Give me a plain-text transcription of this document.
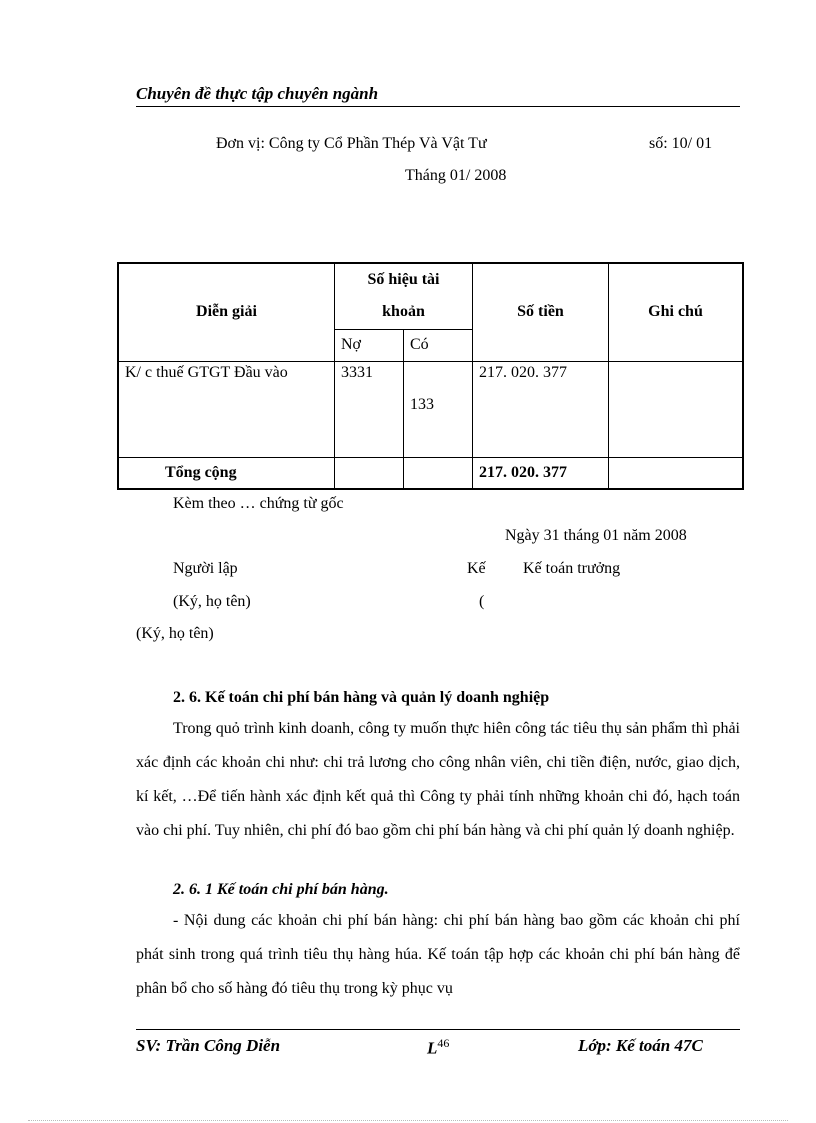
Chuyên đề thực tập chuyên ngành
Đơn vị: Công ty Cổ Phần Thép Và Vật Tư	số: 10/ 01
Tháng 01/ 2008
Diễn giải	Số hiệu tài
khoản		Số tiền	Ghi chú
	Nợ	Có		
K/ c thuế GTGT Đầu vào	3331	133	217. 020. 377	
Tổng cộng			217. 020. 377	
Kèm theo … chứng từ gốc
Ngày 31 tháng 01 năm 2008
Người lập	Kế Kế toán trưởng
(Ký, họ tên)	(
(Ký, họ tên)
2. 6. Kế toán chi phí bán hàng và quản lý doanh nghiệp
Trong quỏ trình kinh doanh, công ty muốn thực hiên công tác tiêu thụ sản phẩm thì phải xác định các khoản chi như: chi trả lương cho công nhân viên, chi tiền điện, nước, giao dịch, kí kết, …Để tiến hành xác định kết quả thì Công ty phải tính những khoản chi đó, hạch toán vào chi phí. Tuy nhiên, chi phí đó bao gồm chi phí bán hàng và chi phí quản lý doanh nghiệp.
2. 6. 1 Kế toán chi phí bán hàng.
- Nội dung các khoản chi phí bán hàng: chi phí bán hàng bao gồm các khoản chi phí phát sinh trong quá trình tiêu thụ hàng húa. Kế toán tập hợp các khoản chi phí bán hàng để phân bổ cho số hàng đó tiêu thụ trong kỳ phục vụ
SV: Trần Công Diễn	$L^{46}$	Lớp: Kế toán 47C
